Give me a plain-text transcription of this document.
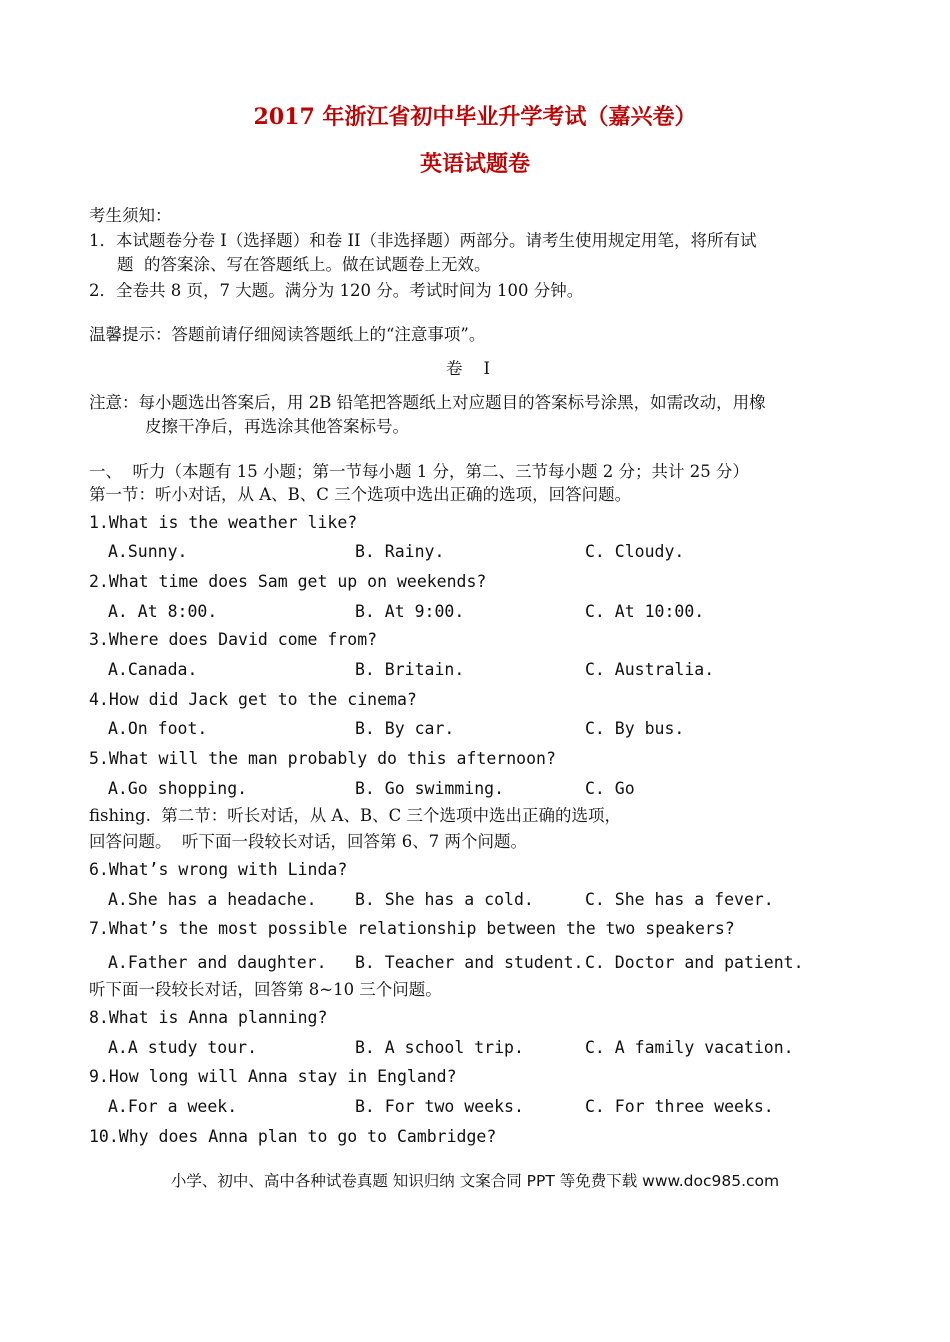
2017 年浙江省初中毕业升学考试（嘉兴卷）
英语试题卷
考生须知：
1．本试题卷分卷 I（选择题）和卷 II（非选择题）两部分。请考生使用规定用笔，将所有试
题  的答案涂、写在答题纸上。做在试题卷上无效。
2．全卷共 8 页，7 大题。满分为 120 分。考试时间为 100 分钟。
温馨提示：答题前请仔细阅读答题纸上的“注意事项”。
卷    I
注意：每小题选出答案后，用 2B 铅笔把答题纸上对应题目的答案标号涂黑，如需改动，用橡
皮擦干净后，再选涂其他答案标号。
一、  听力（本题有 15 小题；第一节每小题 1 分，第二、三节每小题 2 分；共计 25 分）
第一节：听小对话，从 A、B、C 三个选项中选出正确的选项，回答问题。
1.What is the weather like?
A.Sunny.	B. Rainy.	C. Cloudy.
2.What time does Sam get up on weekends?
A. At 8:00.	B. At 9:00.	C. At 10:00.
3.Where does David come from?
A.Canada.	B. Britain.	C. Australia.
4.How did Jack get to the cinema?
A.On foot.	B. By car.	C. By bus.
5.What will the man probably do this afternoon?
A.Go shopping.	B. Go swimming.	C. Go
fishing.  第二节：听长对话，从 A、B、C 三个选项中选出正确的选项，
回答问题。  听下面一段较长对话，回答第 6、7 两个问题。
6.What’s wrong with Linda?
A.She has a headache. B. She has a cold.	C. She has a fever.
7.What’s the most possible relationship between the two speakers?
A.Father and daughter. B. Teacher and student. C. Doctor and patient.
听下面一段较长对话，回答第 8~10 三个问题。
8.What is Anna planning?
A.A study tour.	B. A school trip.	C. A family vacation.
9.How long will Anna stay in England?
A.For a week.	B. For two weeks.	C. For three weeks.
10.Why does Anna plan to go to Cambridge?
小学、初中、高中各种试卷真题 知识归纳 文案合同 PPT 等免费下载 www.doc985.com
